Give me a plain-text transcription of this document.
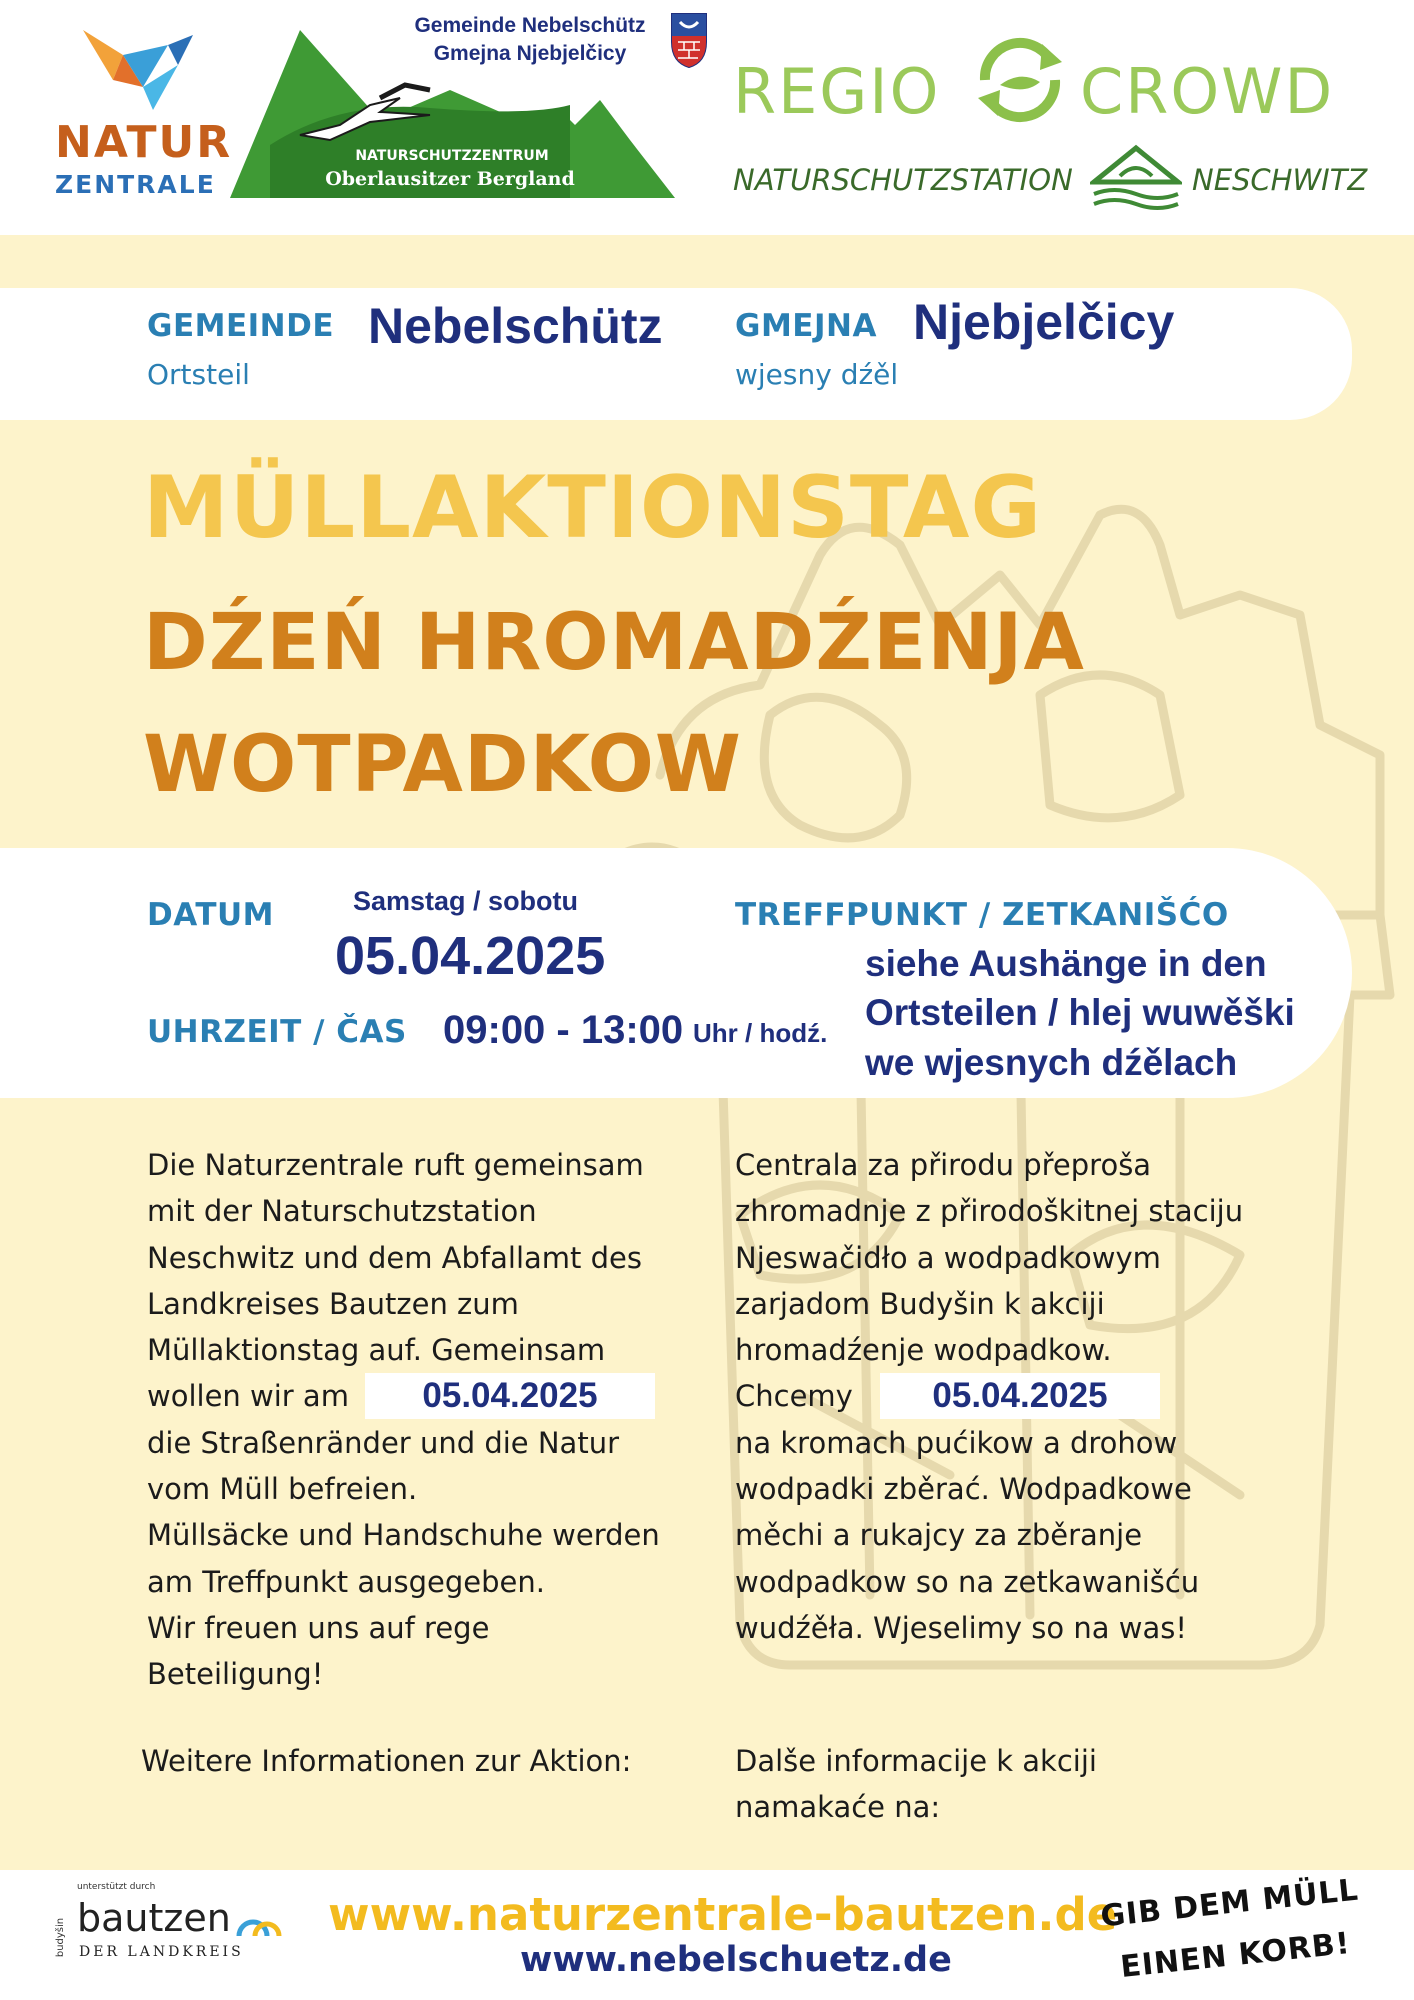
NATUR
ZENTRALE
NATURSCHUTZZENTRUM
Oberlausitzer Bergland
Gemeinde Nebelschütz
Gmejna Njebjelčicy
REGIO CROWD
NATURSCHUTZSTATION	NESCHWITZ
GEMEINDE Nebelschütz
Ortsteil
GMEJNA Njebjelčicy
wjesny dźěl
MÜLLAKTIONSTAG
DŹEŃ HROMADŹENJA
WOTPADKOW
DATUM	Samstag / sobotu
05.04.2025
UHRZEIT / ČAS 09:00 - 13:00 Uhr / hodź.
TREFFPUNKT / ZETKANIŠĆO
siehe Aushänge in den
Ortsteilen / hlej wuwěški
we wjesnych dźělach
Die Naturzentrale ruft gemeinsam
mit der Naturschutzstation
Neschwitz und dem Abfallamt des
Landkreises Bautzen zum
Müllaktionstag auf. Gemeinsam
wollen wir am	05.04.2025
die Straßenränder und die Natur
vom Müll befreien.
Müllsäcke und Handschuhe werden
am Treffpunkt ausgegeben.
Wir freuen uns auf rege
Beteiligung!
Weitere Informationen zur Aktion:
Centrala za přirodu přeproša
zhromadnje z přirodoškitnej staciju
Njeswačidło a wodpadkowym
zarjadom Budyšin k akciji
hromadźenje wodpadkow.
Chcemy	05.04.2025
na kromach pućikow a drohow
wodpadki zběrać. Wodpadkowe
měchi a rukajcy za zběranje
wodpadkow so na zetkawanišću
wudźěła. Wjeselimy so na was!
Dalše informacije k akciji
namakaće na:
unterstützt durch
budyšin bautzen
DER LANDKREIS
www.naturzentrale-bautzen.de
www.nebelschuetz.de
GIB DEM MÜLL
EINEN KORB!
